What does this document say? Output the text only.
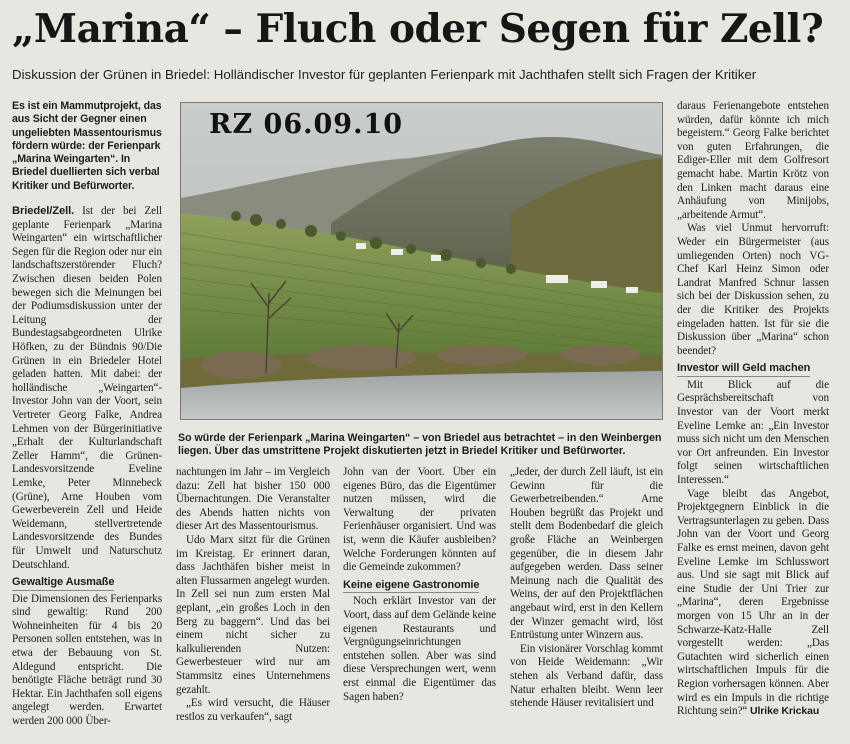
„Marina“ – Fluch oder Segen für Zell?
Diskussion der Grünen in Briedel: Holländischer Investor für geplanten Ferienpark mit Jachthafen stellt sich Fragen der Kritiker

Es ist ein Mammutprojekt, das aus Sicht der Gegner einen ungeliebten Massentourismus fördern würde: der Ferienpark „Marina Weingarten“. In Briedel duellierten sich verbal Kritiker und Befürworter.

Briedel/Zell. Ist der bei Zell geplante Ferienpark „Marina Weingarten“ ein wirtschaftlicher Segen für die Region oder nur ein landschaftszerstörender Fluch? Zwischen diesen beiden Polen bewegen sich die Meinungen bei der Podiumsdiskussion unter der Leitung der Bundestagsabgeordneten Ulrike Höfken, zu der Bündnis 90/Die Grünen in ein Briedeler Hotel geladen hatten. Mit dabei: der holländische „Weingarten“-Investor John van der Voort, sein Vertreter Georg Falke, Andrea Lehmen von der Bürgerinitiative „Erhalt der Kulturlandschaft Zeller Hamm“, die Grünen-Landesvorsitzende Eveline Lemke, Peter Minnebeck (Grüne), Arne Houben vom Gewerbeverein Zell und Heide Weidemann, stellvertretende Landesvorsitzende des Bundes für Umwelt und Naturschutz Deutschland.

Gewaltige Ausmaße

Die Dimensionen des Ferienparks sind gewaltig: Rund 200 Wohneinheiten für 4 bis 20 Personen sollen entstehen, was in etwa der Bebauung von St. Aldegund entspricht. Die benötigte Fläche beträgt rund 30 Hektar. Ein Jachthafen soll eigens angelegt werden. Erwartet werden 200 000 Über-

RZ 06.09.10
So würde der Ferienpark „Marina Weingarten“ – von Briedel aus betrachtet – in den Weinbergen liegen. Über das umstrittene Projekt diskutierten jetzt in Briedel Kritiker und Befürworter.

nachtungen im Jahr – im Vergleich dazu: Zell hat bisher 150 000 Übernachtungen. Die Veranstalter des Abends hatten nichts von dieser Art des Massentourismus.

Udo Marx sitzt für die Grünen im Kreistag. Er erinnert daran, dass Jachthäfen bisher meist in alten Flussarmen angelegt wurden. In Zell sei nun zum ersten Mal geplant, „ein großes Loch in den Berg zu baggern“. Und das bei einem nicht sicher zu kalkulierenden Nutzen: Gewerbesteuer wird nur am Stammsitz eines Unternehmens gezahlt.

„Es wird versucht, die Häuser restlos zu verkaufen“, sagt

John van der Voort. Über ein eigenes Büro, das die Eigentümer nutzen müssen, wird die Verwaltung der privaten Ferienhäuser organisiert. Und was ist, wenn die Käufer ausbleiben? Welche Forderungen könnten auf die Gemeinde zukommen?

Keine eigene Gastronomie

Noch erklärt Investor van der Voort, dass auf dem Gelände keine eigenen Restaurants und Vergnügungseinrichtungen entstehen sollen. Aber was sind diese Versprechungen wert, wenn erst einmal die Eigentümer das Sagen haben?

„Jeder, der durch Zell läuft, ist ein Gewinn für die Gewerbetreibenden.“ Arne Houben begrüßt das Projekt und stellt dem Bodenbedarf die gleich große Fläche an Weinbergen gegenüber, die in diesem Jahr aufgegeben werden. Dass seiner Meinung nach die Qualität des Weins, der auf den Projektflächen angebaut wird, erst in den Kellern der Winzer gemacht wird, löst Entrüstung unter Winzern aus.

Ein visionärer Vorschlag kommt von Heide Weidemann: „Wir stehen als Verband dafür, dass Natur erhalten bleibt. Wenn leer stehende Häuser revitalisiert und

daraus Ferienangebote entstehen würden, dafür könnte ich mich begeistern.“ Georg Falke berichtet von guten Erfahrungen, die Ediger-Eller mit dem Golfresort gemacht habe. Martin Krötz von den Linken macht daraus eine Anhäufung von Minijobs, „arbeitende Armut“.

Was viel Unmut hervorruft: Weder ein Bürgermeister (aus umliegenden Orten) noch VG-Chef Karl Heinz Simon oder Landrat Manfred Schnur lassen sich bei der Diskussion sehen, zu der die Kritiker des Projekts eingeladen hatten. Ist für sie die Diskussion über „Marina“ schon beendet?

Investor will Geld machen

Mit Blick auf die Gesprächsbereitschaft von Investor van der Voort merkt Eveline Lemke an: „Ein Investor muss sich nicht um den Menschen vor Ort anfreunden. Ein Investor folgt seinen wirtschaftlichen Interessen.“

Vage bleibt das Angebot, Projektgegnern Einblick in die Vertragsunterlagen zu geben. Dass John van der Voort und Georg Falke es ernst meinen, davon geht Eveline Lemke im Schlusswort aus. Und sie sagt mit Blick auf eine Studie der Uni Trier zur „Marina“, deren Ergebnisse morgen von 15 Uhr an in der Schwarze-Katz-Halle Zell vorgestellt werden: „Das Gutachten wird sicherlich einen wirtschaftlichen Impuls für die Region vorhersagen können. Aber wird es ein Impuls in die richtige Richtung sein?“ Ulrike Krickau
